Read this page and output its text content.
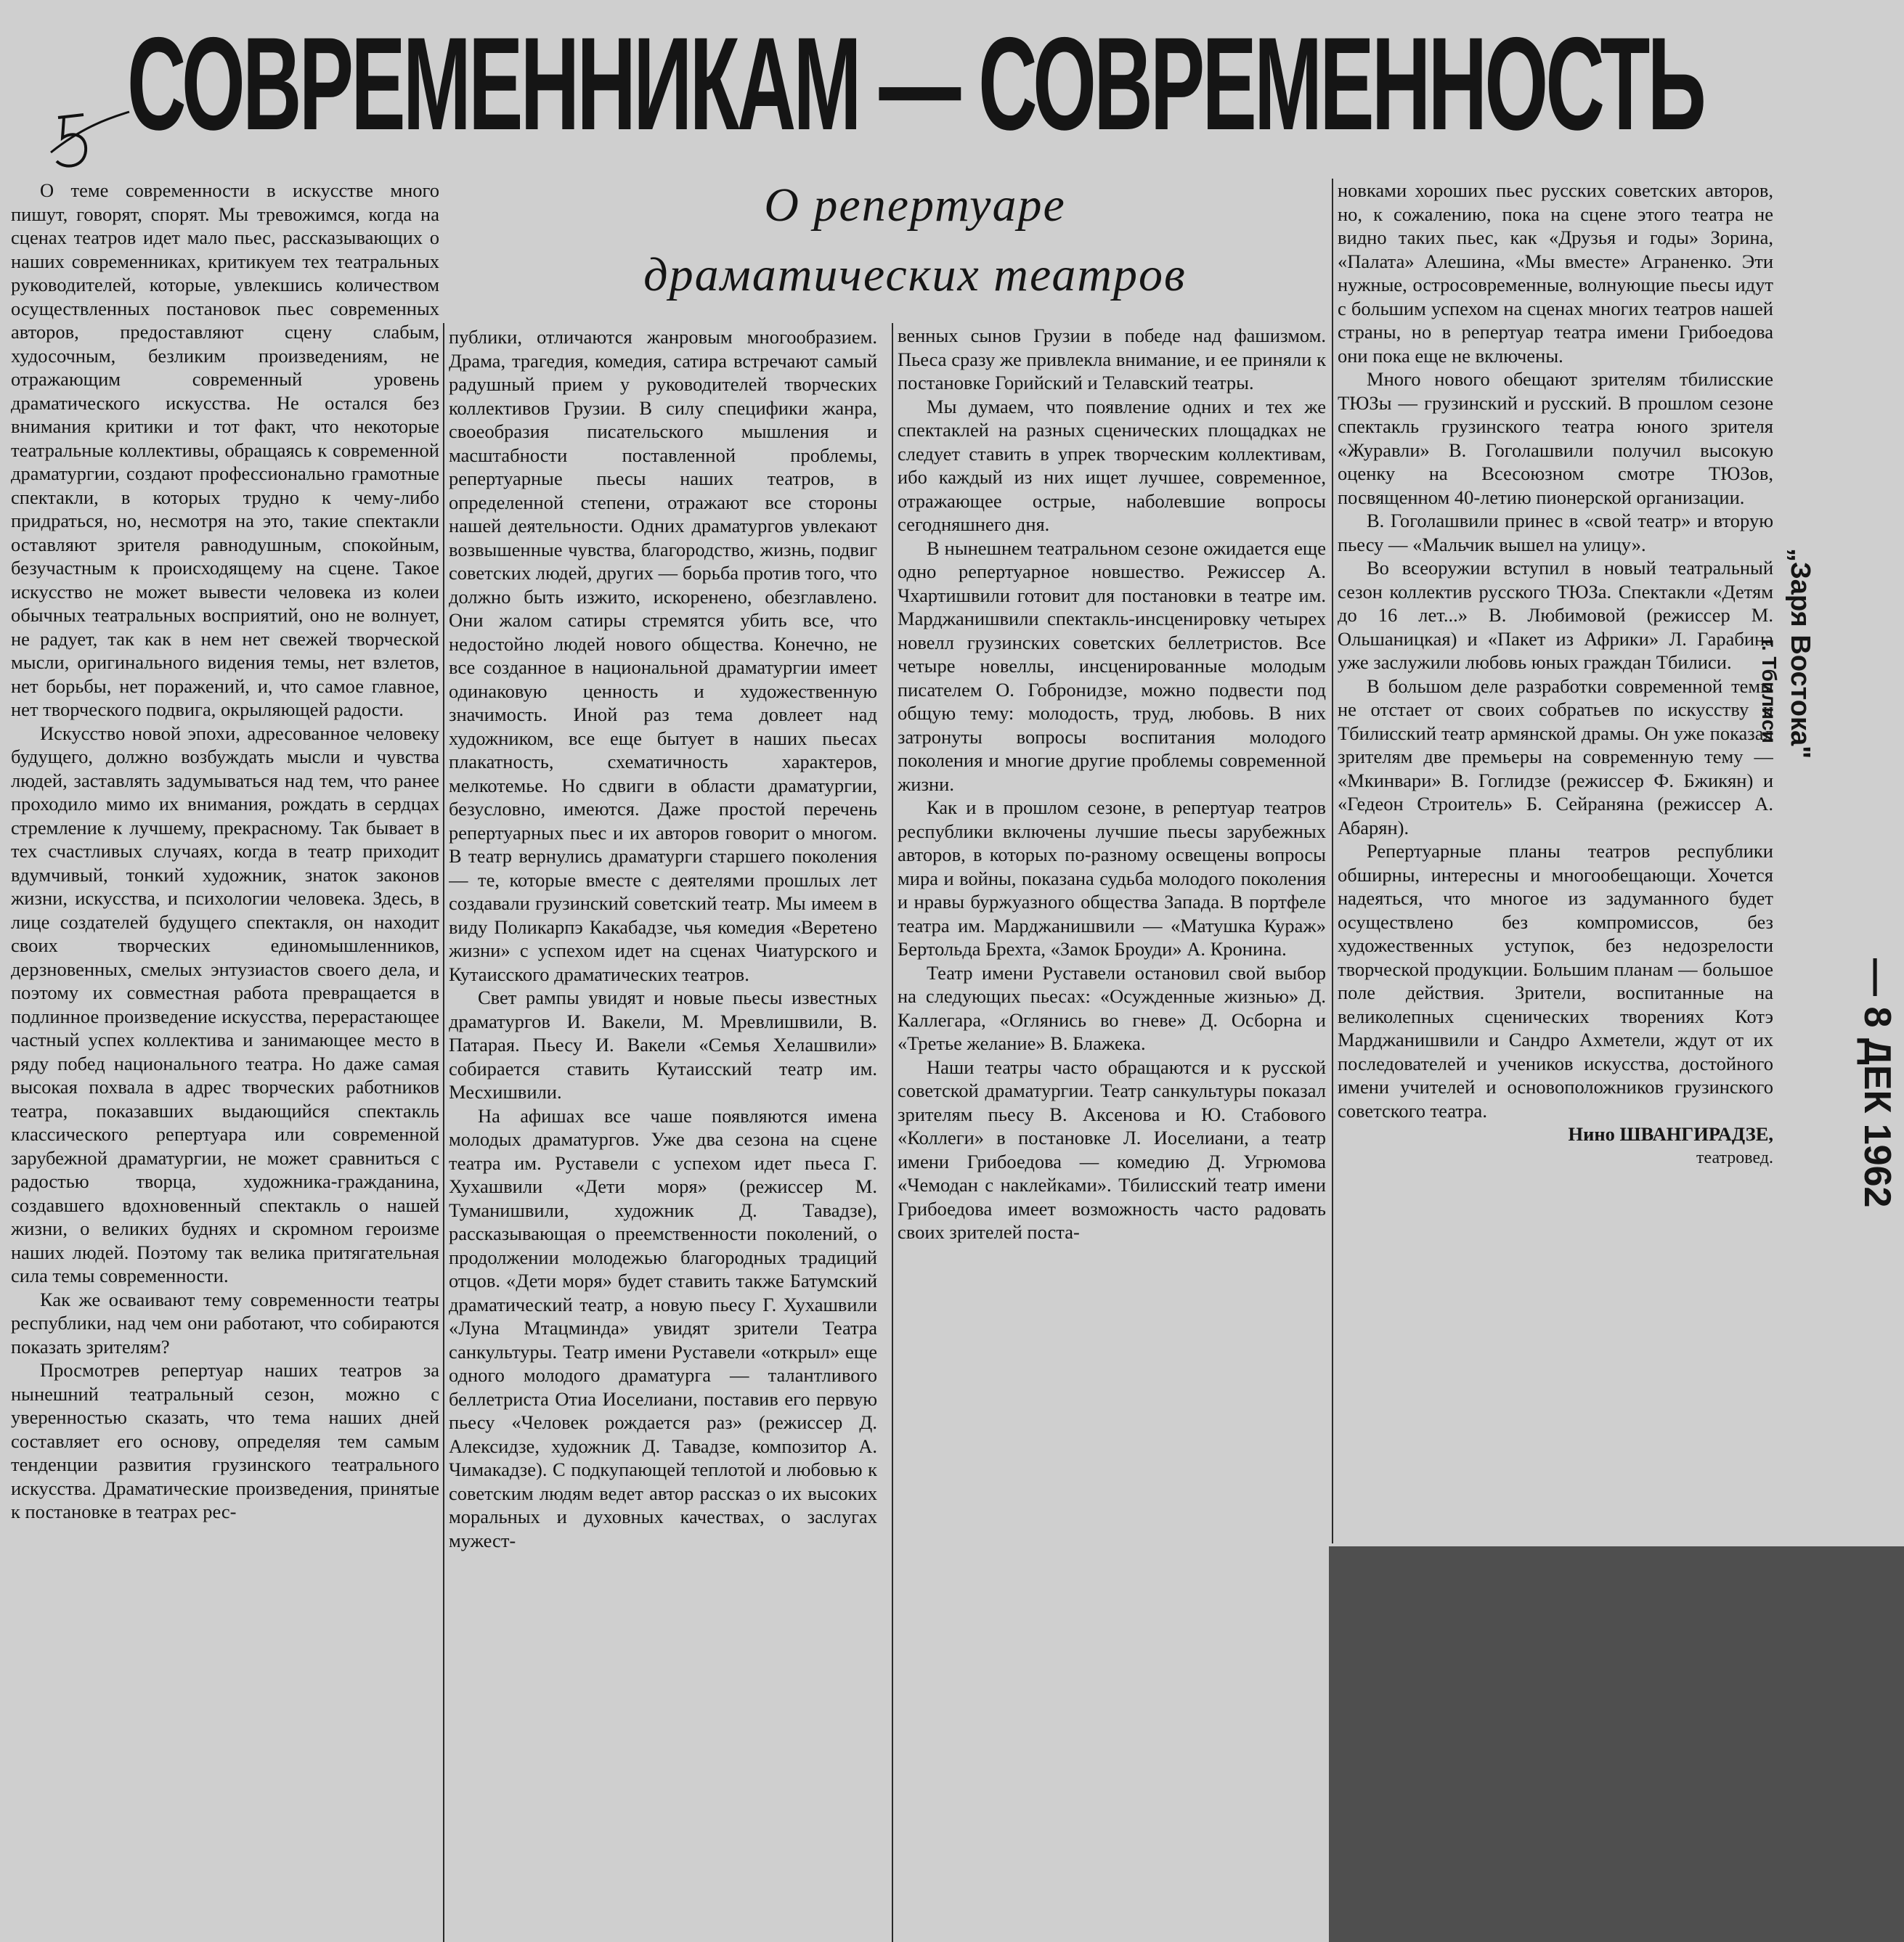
СОВРЕМЕННИКАМ — СОВРЕМЕННОСТЬ
5
О репертуаре
драматических театров

О теме современности в искусстве много пишут, говорят, спорят. Мы тревожимся, когда на сценах театров идет мало пьес, рассказывающих о наших современниках, критикуем тех театральных руководителей, которые, увлекшись количеством осуществленных постановок пьес современных авторов, предоставляют сцену слабым, худосочным, безликим произведениям, не отражающим современный уровень драматического искусства. Не остался без внимания критики и тот факт, что некоторые театральные коллективы, обращаясь к современной драматургии, создают профессионально грамотные спектакли, в которых трудно к чему-либо придраться, но, несмотря на это, такие спектакли оставляют зрителя равнодушным, спокойным, безучастным к происходящему на сцене. Такое искусство не может вывести человека из колеи обычных театральных восприятий, оно не волнует, не радует, так как в нем нет свежей творческой мысли, оригинального видения темы, нет взлетов, нет борьбы, нет поражений, и, что самое главное, нет творческого подвига, окрыляющей радости.

Искусство новой эпохи, адресованное человеку будущего, должно возбуждать мысли и чувства людей, заставлять задумываться над тем, что ранее проходило мимо их внимания, рождать в сердцах стремление к лучшему, прекрасному. Так бывает в тех счастливых случаях, когда в театр приходит вдумчивый, тонкий художник, знаток законов жизни, искусства, и психологии человека. Здесь, в лице создателей будущего спектакля, он находит своих творческих единомышленников, дерзновенных, смелых энтузиастов своего дела, и поэтому их совместная работа превращается в подлинное произведение искусства, перерастающее частный успех коллектива и занимающее место в ряду побед национального театра. Но даже самая высокая похвала в адрес творческих работников театра, показавших выдающийся спектакль классического репертуара или современной зарубежной драматургии, не может сравниться с радостью творца, художника-гражданина, создавшего вдохновенный спектакль о нашей жизни, о великих буднях и скромном героизме наших людей. Поэтому так велика притягательная сила темы современности.

Как же осваивают тему современности театры республики, над чем они работают, что собираются показать зрителям?

Просмотрев репертуар наших театров за нынешний театральный сезон, можно с уверенностью сказать, что тема наших дней составляет его основу, определяя тем самым тенденции развития грузинского театрального искусства. Драматические произведения, принятые к постановке в театрах рес-

публики, отличаются жанровым многообразием. Драма, трагедия, комедия, сатира встречают самый радушный прием у руководителей творческих коллективов Грузии. В силу специфики жанра, своеобразия писательского мышления и масштабности поставленной проблемы, репертуарные пьесы наших театров, в определенной степени, отражают все стороны нашей деятельности. Одних драматургов увлекают возвышенные чувства, благородство, жизнь, подвиг советских людей, других — борьба против того, что должно быть изжито, искоренено, обезглавлено. Они жалом сатиры стремятся убить все, что недостойно людей нового общества. Конечно, не все созданное в национальной драматургии имеет одинаковую ценность и художественную значимость. Иной раз тема довлеет над художником, все еще бытует в наших пьесах плакатность, схематичность характеров, мелкотемье. Но сдвиги в области драматургии, безусловно, имеются. Даже простой перечень репертуарных пьес и их авторов говорит о многом. В театр вернулись драматурги старшего поколения — те, которые вместе с деятелями прошлых лет создавали грузинский советский театр. Мы имеем в виду Поликарпэ Какабадзе, чья комедия «Веретено жизни» с успехом идет на сценах Чиатурского и Кутаисского драматических театров.

Свет рампы увидят и новые пьесы известных драматургов И. Вакели, М. Мревлишвили, В. Патарая. Пьесу И. Вакели «Семья Хелашвили» собирается ставить Кутаисский театр им. Месхишвили.

На афишах все чаше появляются имена молодых драматургов. Уже два сезона на сцене театра им. Руставели с успехом идет пьеса Г. Хухашвили «Дети моря» (режиссер М. Туманишвили, художник Д. Тавадзе), рассказывающая о преемственности поколений, о продолжении молодежью благородных традиций отцов. «Дети моря» будет ставить также Батумский драматический театр, а новую пьесу Г. Хухашвили «Луна Мтацминда» увидят зрители Театра санкультуры. Театр имени Руставели «открыл» еще одного молодого драматурга — талантливого беллетриста Отиа Иоселиани, поставив его первую пьесу «Человек рождается раз» (режиссер Д. Алексидзе, художник Д. Тавадзе, композитор А. Чимакадзе). С подкупающей теплотой и любовью к советским людям ведет автор рассказ о их высоких моральных и духовных качествах, о заслугах мужест-

венных сынов Грузии в победе над фашизмом. Пьеса сразу же привлекла внимание, и ее приняли к постановке Горийский и Телавский театры.

Мы думаем, что появление одних и тех же спектаклей на разных сценических площадках не следует ставить в упрек творческим коллективам, ибо каждый из них ищет лучшее, современное, отражающее острые, наболевшие вопросы сегодняшнего дня.

В нынешнем театральном сезоне ожидается еще одно репертуарное новшество. Режиссер А. Чхартишвили готовит для постановки в театре им. Марджанишвили спектакль-инсценировку четырех новелл грузинских советских беллетристов. Все четыре новеллы, инсценированные молодым писателем О. Гобронидзе, можно подвести под общую тему: молодость, труд, любовь. В них затронуты вопросы воспитания молодого поколения и многие другие проблемы современной жизни.

Как и в прошлом сезоне, в репертуар театров республики включены лучшие пьесы зарубежных авторов, в которых по-разному освещены вопросы мира и войны, показана судьба молодого поколения и нравы буржуазного общества Запада. В портфеле театра им. Марджанишвили — «Матушка Кураж» Бертольда Брехта, «Замок Броуди» А. Кронина.

Театр имени Руставели остановил свой выбор на следующих пьесах: «Осужденные жизнью» Д. Каллегара, «Оглянись во гневе» Д. Осборна и «Третье желание» В. Блажека.

Наши театры часто обращаются и к русской советской драматургии. Театр санкультуры показал зрителям пьесу В. Аксенова и Ю. Стабового «Коллеги» в постановке Л. Иоселиани, а театр имени Грибоедова — комедию Д. Угрюмова «Чемодан с наклейками». Тбилисский театр имени Грибоедова имеет возможность часто радовать своих зрителей поста-

новками хороших пьес русских советских авторов, но, к сожалению, пока на сцене этого театра не видно таких пьес, как «Друзья и годы» Зорина, «Палата» Алешина, «Мы вместе» Аграненко. Эти нужные, остросовременные, волнующие пьесы идут с большим успехом на сценах многих театров нашей страны, но в репертуар театра имени Грибоедова они пока еще не включены.

Много нового обещают зрителям тбилисские ТЮЗы — грузинский и русский. В прошлом сезоне спектакль грузинского театра юного зрителя «Журавли» В. Гоголашвили получил высокую оценку на Всесоюзном смотре ТЮЗов, посвященном 40-летию пионерской организации.

В. Гоголашвили принес в «свой театр» и вторую пьесу — «Мальчик вышел на улицу».

Во всеоружии вступил в новый театральный сезон коллектив русского ТЮЗа. Спектакли «Детям до 16 лет...» В. Любимовой (режиссер М. Ольшаницкая) и «Пакет из Африки» Л. Гарабина уже заслужили любовь юных граждан Тбилиси.

В большом деле разработки современной темы не отстает от своих собратьев по искусству и Тбилисский театр армянской драмы. Он уже показал зрителям две премьеры на современную тему — «Мкинвари» В. Гоглидзе (режиссер Ф. Бжикян) и «Гедеон Строитель» Б. Сейраняна (режиссер А. Абарян).

Репертуарные планы театров республики обширны, интересны и многообещающи. Хочется надеяться, что многое из задуманного будет осуществлено без компромиссов, без художественных уступок, без недозрелости творческой продукции. Большим планам — большое поле действия. Зрители, воспитанные на великолепных сценических творениях Котэ Марджанишвили и Сандро Ахметели, ждут от их последователей и учеников искусства, достойного имени учителей и основоположников грузинского советского театра.

Нино ШВАНГИРАДЗЕ,

театровед.

„Заря Востока"
г. Тбилиси
— 8 ДЕК 1962
